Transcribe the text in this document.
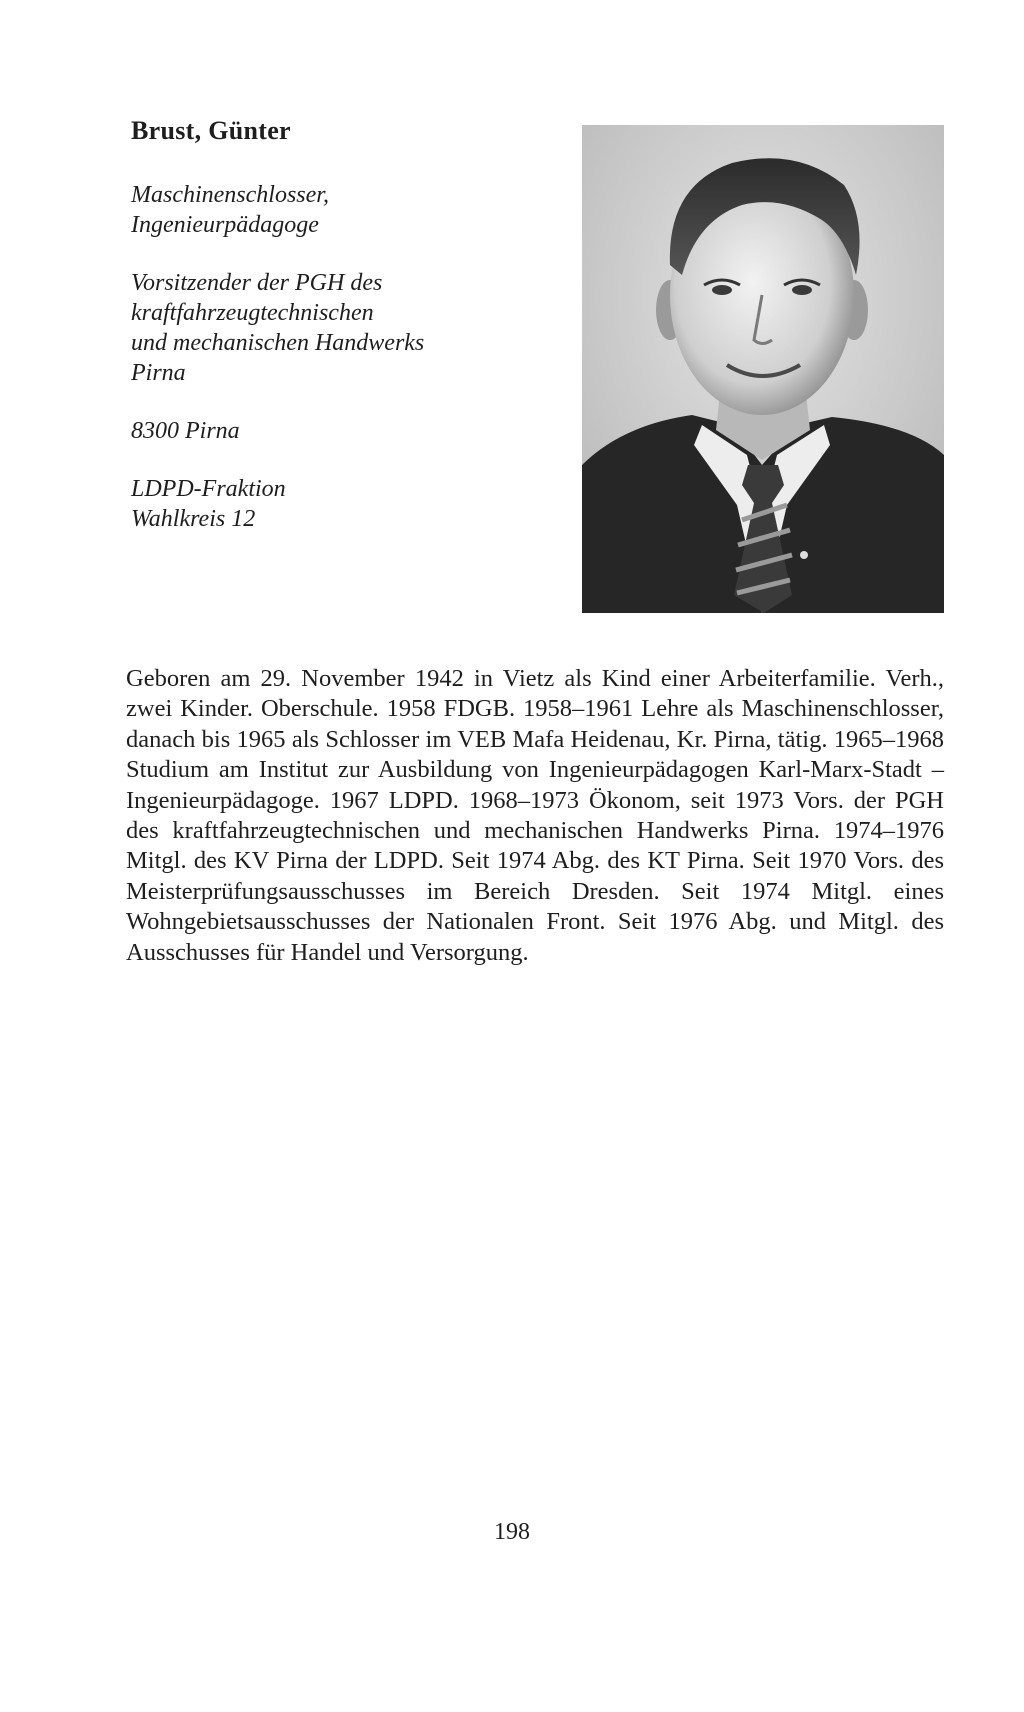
Brust, Günter
Maschinenschlosser,
Ingenieurpädagoge
Vorsitzender der PGH des
kraftfahrzeugtechnischen
und mechanischen Handwerks
Pirna
8300 Pirna
LDPD-Fraktion
Wahlkreis 12
Geboren am 29. November 1942 in Vietz als Kind einer Arbeiterfamilie. Verh., zwei Kinder. Oberschule. 1958 FDGB. 1958–1961 Lehre als Maschinenschlosser, danach bis 1965 als Schlosser im VEB Mafa Heidenau, Kr. Pirna, tätig. 1965–1968 Studium am Institut zur Ausbildung von Ingenieurpädagogen Karl-Marx-Stadt – Ingenieurpädagoge. 1967 LDPD. 1968–1973 Ökonom, seit 1973 Vors. der PGH des kraftfahrzeugtechnischen und mechanischen Handwerks Pirna. 1974–1976 Mitgl. des KV Pirna der LDPD. Seit 1974 Abg. des KT Pirna. Seit 1970 Vors. des Meisterprüfungsausschusses im Bereich Dresden. Seit 1974 Mitgl. eines Wohngebietsausschusses der Nationalen Front. Seit 1976 Abg. und Mitgl. des Ausschusses für Handel und Versorgung.
198
